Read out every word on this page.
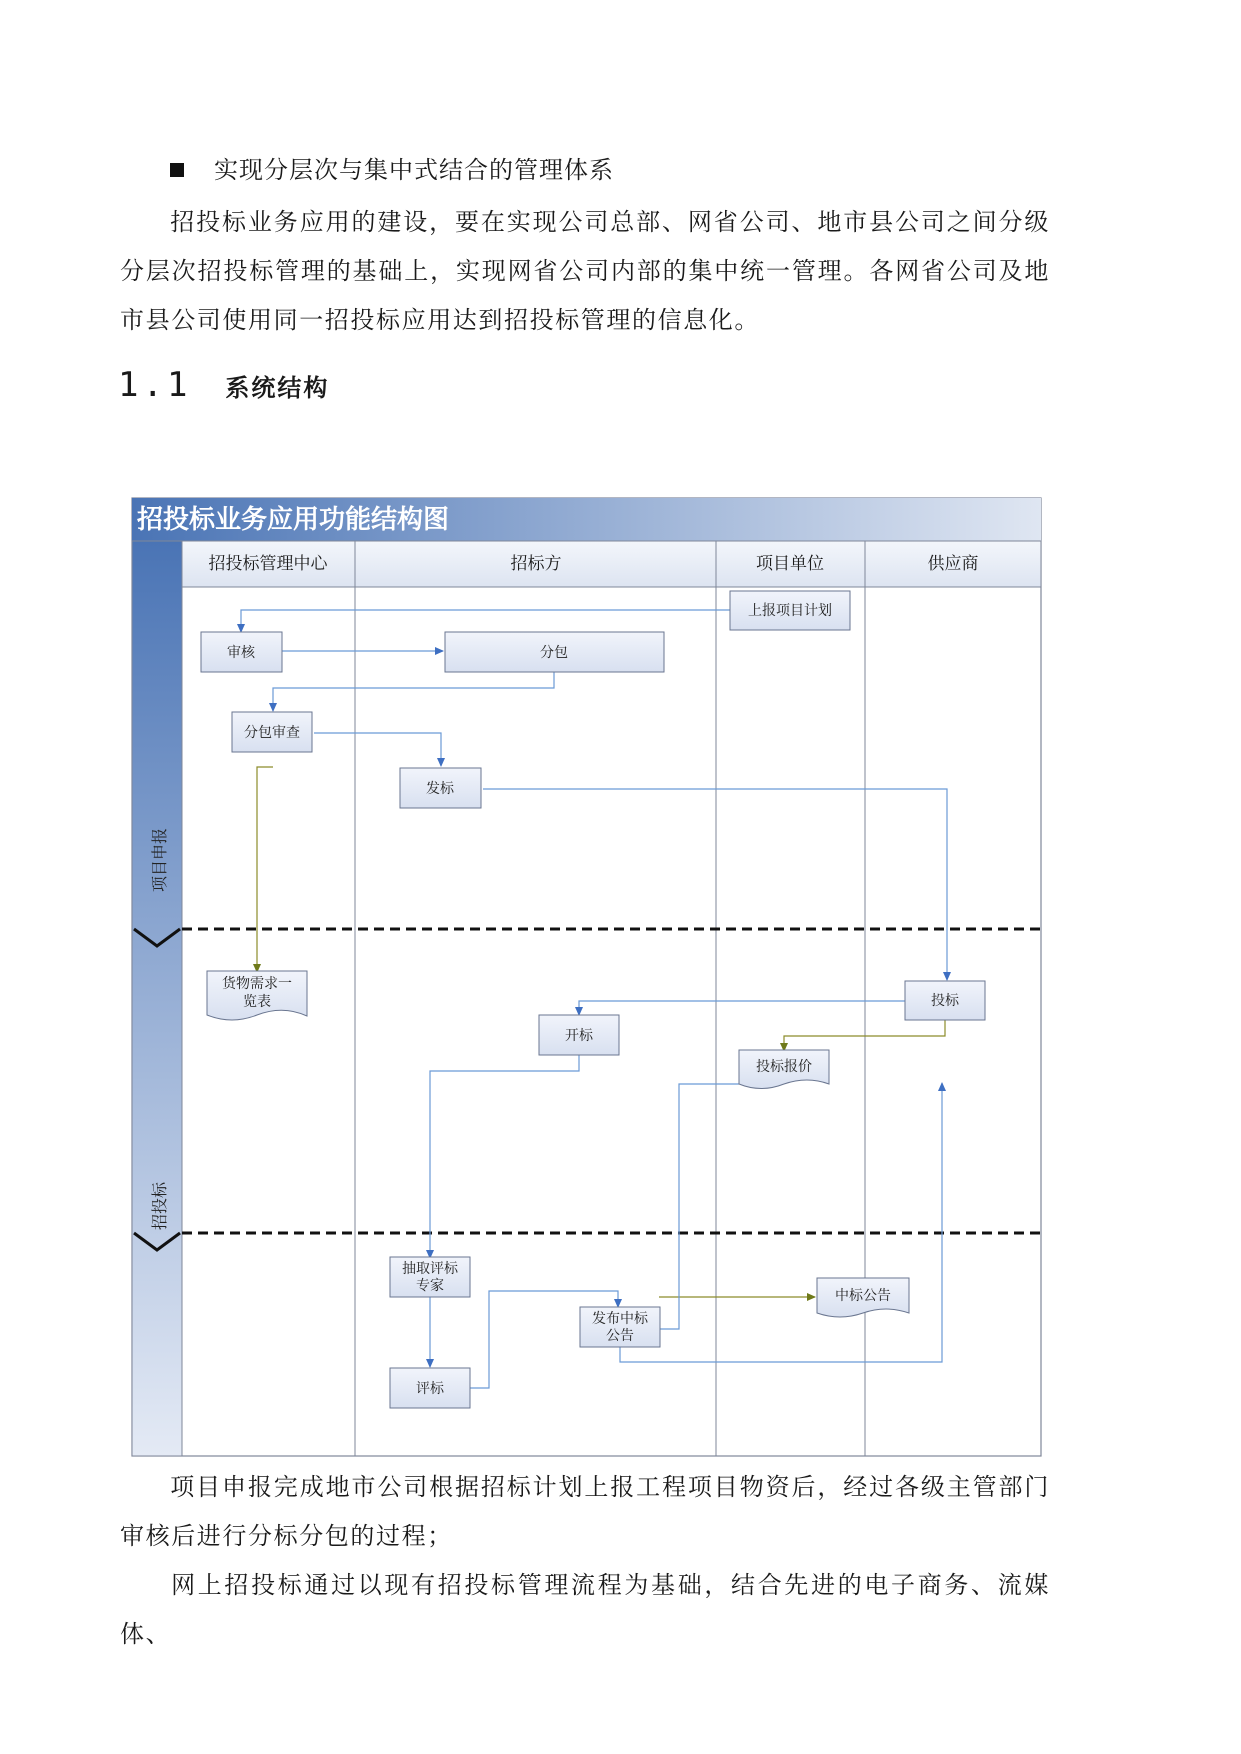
实现分层次与集中式结合的管理体系
招投标业务应用的建设，要在实现公司总部、网省公司、地市县公司之间分级分层次招投标管理的基础上，实现网省公司内部的集中统一管理。各网省公司及地市县公司使用同一招投标应用达到招投标管理的信息化。
1.1 系统结构
招投标业务应用功能结构图
招投标管理中心	招标方	项目单位	供应商
项目申报
招投标
上报项目计划
审核	分包
分包审查
发标
投标
开标
抽取评标
专家
发布中标
公告
评标
货物需求一
览表
投标报价
中标公告
项目申报完成地市公司根据招标计划上报工程项目物资后，经过各级主管部门审核后进行分标分包的过程；
网上招投标通过以现有招投标管理流程为基础，结合先进的电子商务、流媒体、
